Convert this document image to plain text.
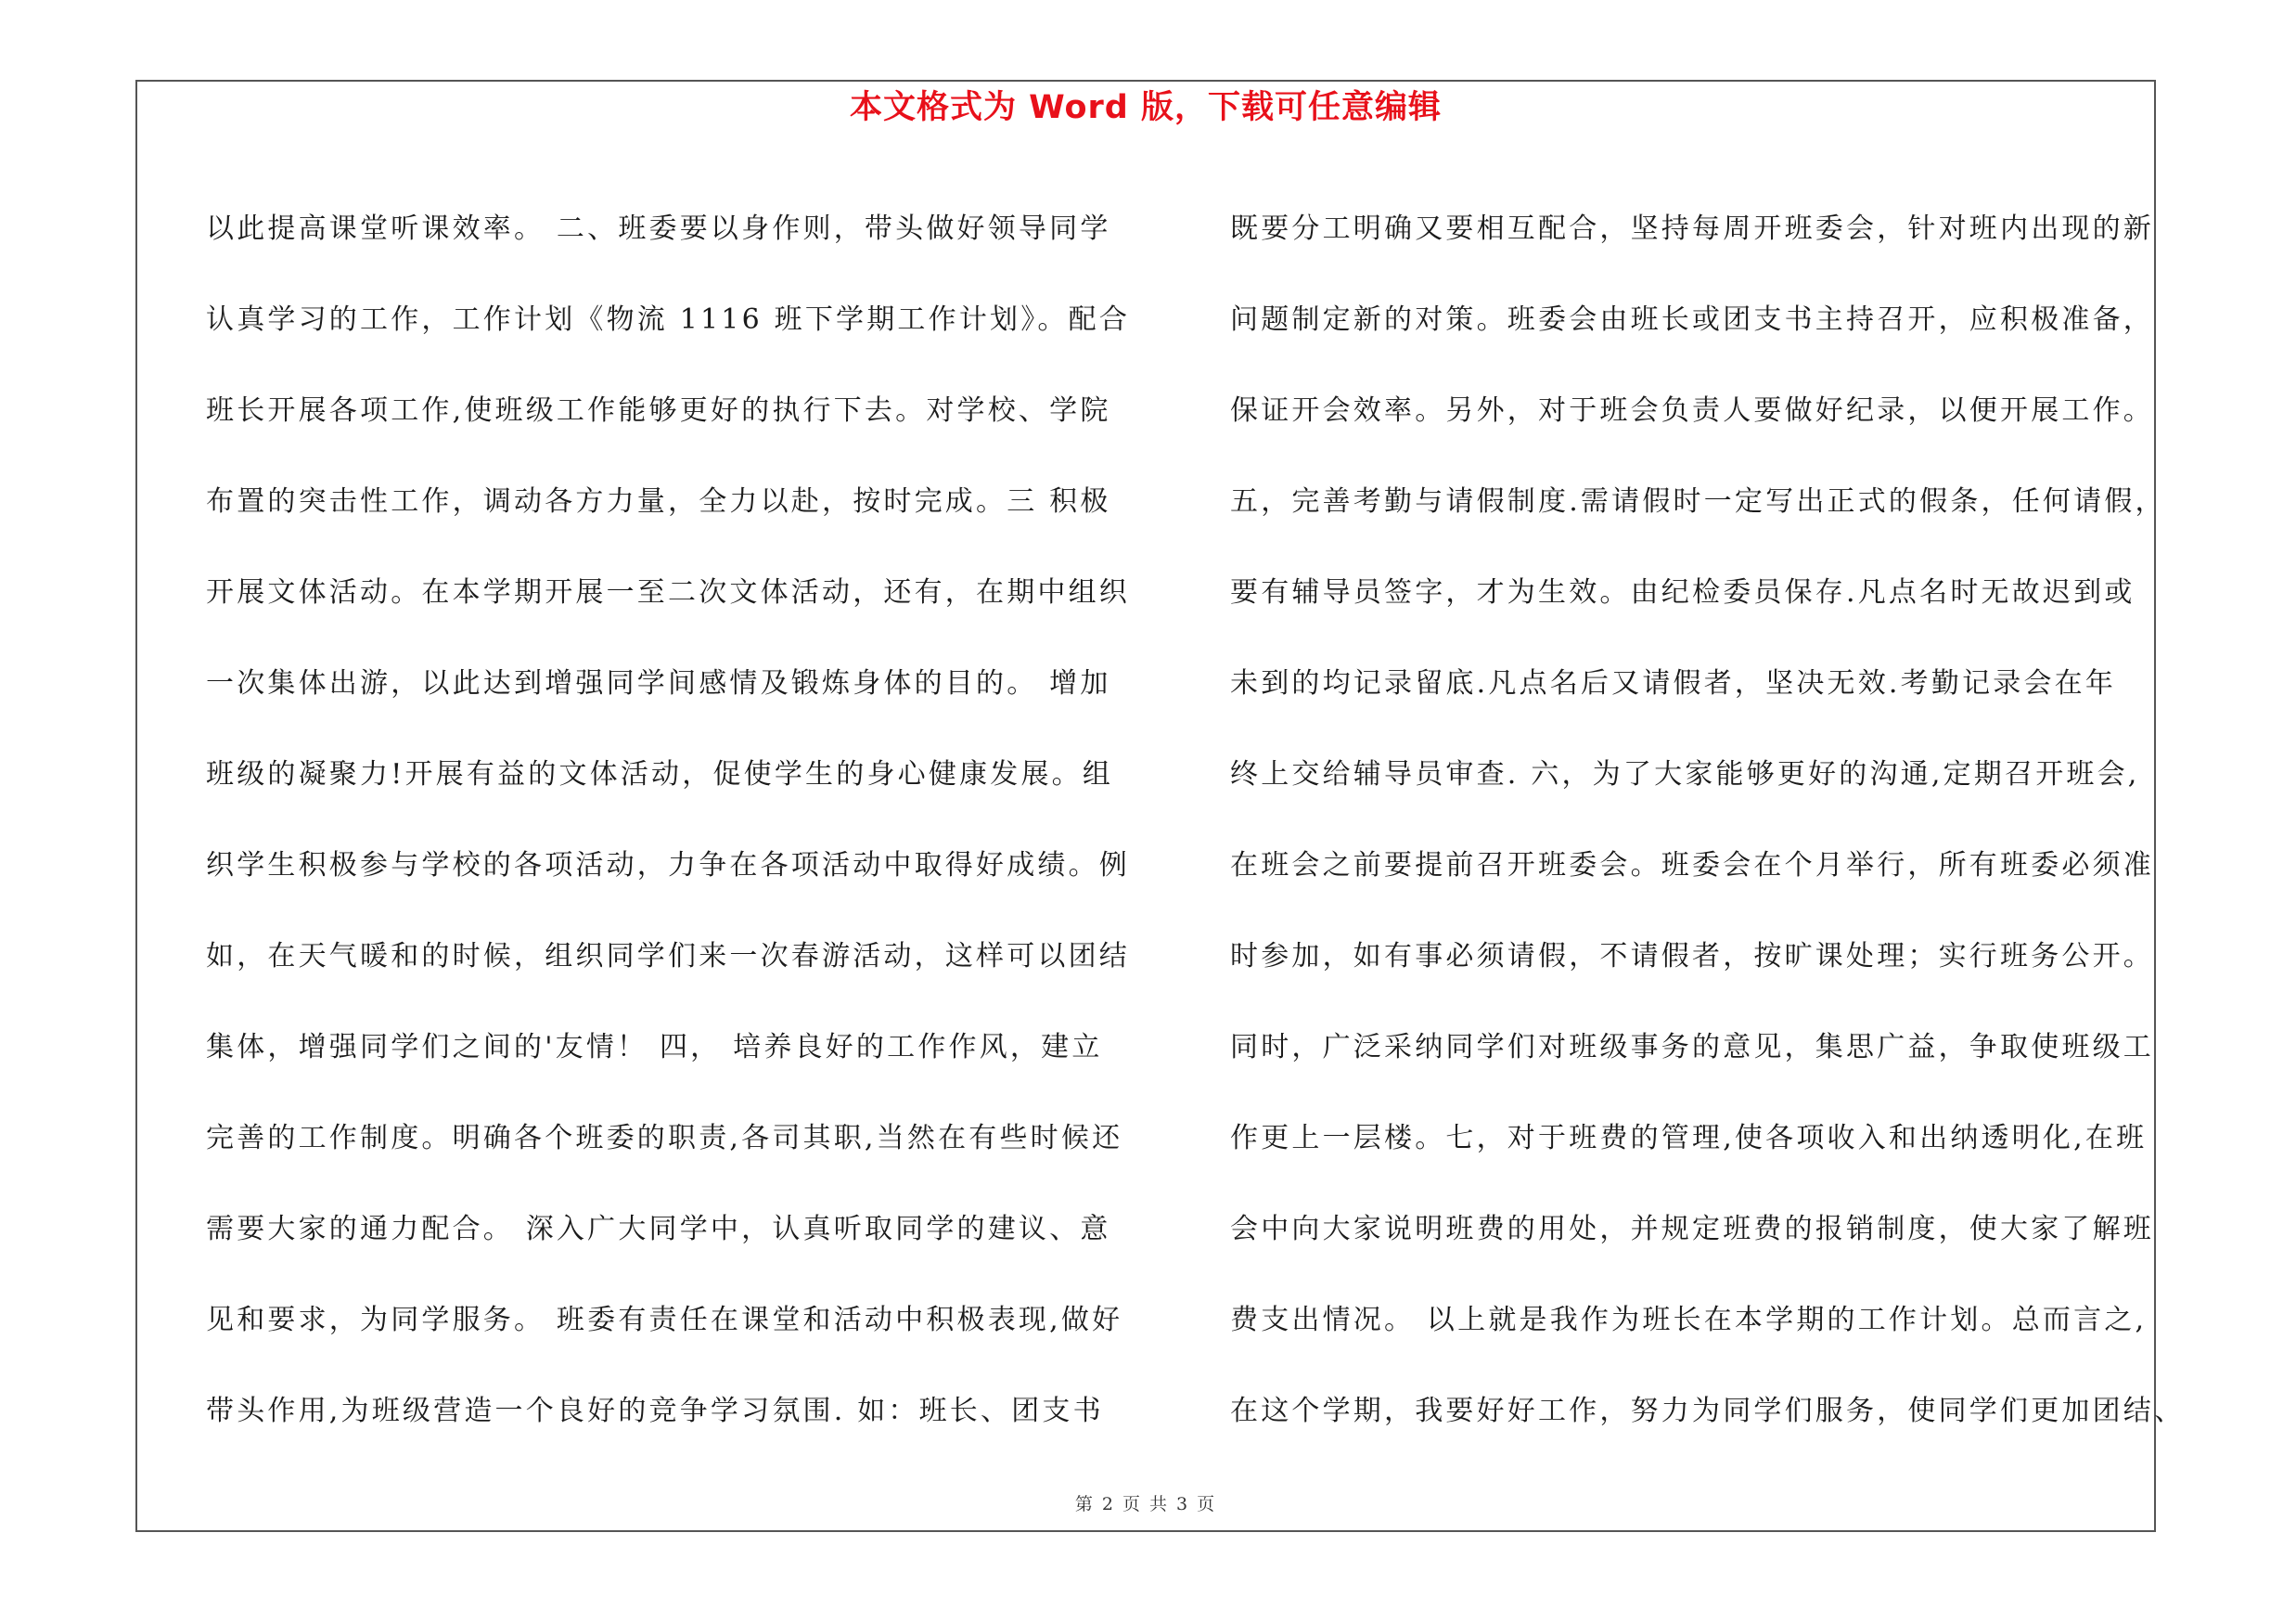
本文格式为 Word 版，下载可任意编辑
以此提高课堂听课效率。 二、班委要以身作则，带头做好领导同学
认真学习的工作，工作计划《物流 1116 班下学期工作计划》。配合
班长开展各项工作,使班级工作能够更好的执行下去。对学校、学院
布置的突击性工作，调动各方力量，全力以赴，按时完成。三 积极
开展文体活动。在本学期开展一至二次文体活动，还有，在期中组织
一次集体出游，以此达到增强同学间感情及锻炼身体的目的。 增加
班级的凝聚力!开展有益的文体活动，促使学生的身心健康发展。组
织学生积极参与学校的各项活动，力争在各项活动中取得好成绩。例
如，在天气暖和的时候，组织同学们来一次春游活动，这样可以团结
集体，增强同学们之间的'友情！ 四， 培养良好的工作作风，建立
完善的工作制度。明确各个班委的职责,各司其职,当然在有些时候还
需要大家的通力配合。 深入广大同学中，认真听取同学的建议、意
见和要求，为同学服务。 班委有责任在课堂和活动中积极表现,做好
带头作用,为班级营造一个良好的竞争学习氛围. 如：班长、团支书
既要分工明确又要相互配合，坚持每周开班委会，针对班内出现的新
问题制定新的对策。班委会由班长或团支书主持召开，应积极准备，
保证开会效率。另外，对于班会负责人要做好纪录，以便开展工作。
五，完善考勤与请假制度.需请假时一定写出正式的假条，任何请假，
要有辅导员签字，才为生效。由纪检委员保存.凡点名时无故迟到或
未到的均记录留底.凡点名后又请假者，坚决无效.考勤记录会在年
终上交给辅导员审查. 六，为了大家能够更好的沟通,定期召开班会,
在班会之前要提前召开班委会。班委会在个月举行，所有班委必须准
时参加，如有事必须请假，不请假者，按旷课处理；实行班务公开。
同时，广泛采纳同学们对班级事务的意见，集思广益，争取使班级工
作更上一层楼。七，对于班费的管理,使各项收入和出纳透明化,在班
会中向大家说明班费的用处，并规定班费的报销制度，使大家了解班
费支出情况。 以上就是我作为班长在本学期的工作计划。总而言之,
在这个学期，我要好好工作，努力为同学们服务，使同学们更加团结、
第 2 页 共 3 页
